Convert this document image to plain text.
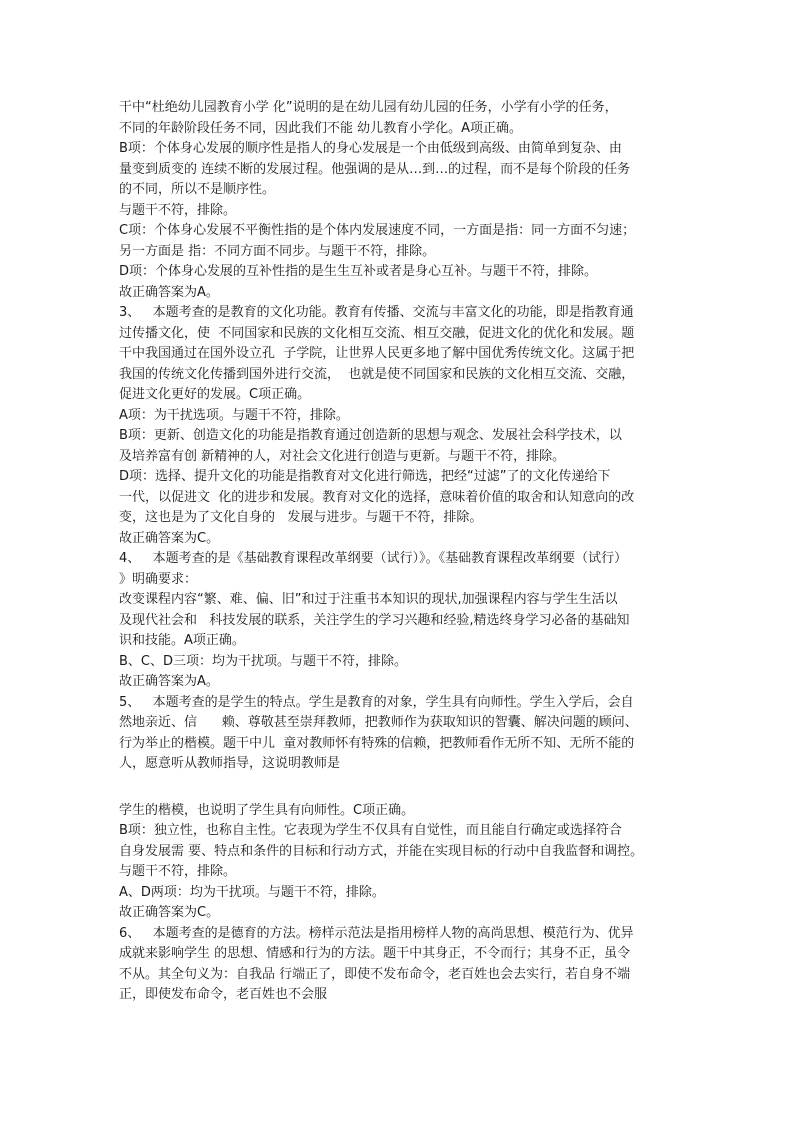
干中“杜绝幼儿园教育小学 化”说明的是在幼儿园有幼儿园的任务，小学有小学的任务，
不同的年龄阶段任务不同，因此我们不能 幼儿教育小学化。A项正确。
B项：个体身心发展的顺序性是指人的身心发展是一个由低级到高级、由简单到复杂、由
量变到质变的 连续不断的发展过程。他强调的是从…到…的过程，而不是每个阶段的任务
的不同，所以不是顺序性。
与题干不符，排除。
C项：个体身心发展不平衡性指的是个体内发展速度不同，一方面是指：同一方面不匀速；
另一方面是 指：不同方面不同步。与题干不符，排除。
D项：个体身心发展的互补性指的是生生互补或者是身心互补。与题干不符，排除。
故正确答案为A。
3、   本题考查的是教育的文化功能。教育有传播、交流与丰富文化的功能，即是指教育通
过传播文化，使  不同国家和民族的文化相互交流、相互交融，促进文化的优化和发展。题
干中我国通过在国外设立孔  子学院，让世界人民更多地了解中国优秀传统文化。这属于把
我国的传统文化传播到国外进行交流，  也就是使不同国家和民族的文化相互交流、交融，
促进文化更好的发展。C项正确。
A项：为干扰选项。与题干不符，排除。
B项：更新、创造文化的功能是指教育通过创造新的思想与观念、发展社会科学技术，以
及培养富有创 新精神的人，对社会文化进行创造与更新。与题干不符，排除。
D项：选择、提升文化的功能是指教育对文化进行筛选，把经“过滤”了的文化传递给下
一代，以促进文  化的进步和发展。教育对文化的选择，意味着价值的取舍和认知意向的改
变，这也是为了文化自身的   发展与进步。与题干不符，排除。
故正确答案为C。
4、   本题考查的是《基础教育课程改革纲要（试行）》。《基础教育课程改革纲要（试行）
》明确要求：
改变课程内容“繁、难、偏、旧”和过于注重书本知识的现状,加强课程内容与学生生活以
及现代社会和   科技发展的联系，关注学生的学习兴趣和经验,精选终身学习必备的基础知
识和技能。A项正确。
B、C、D三项：均为干扰项。与题干不符，排除。
故正确答案为A。
5、   本题考查的是学生的特点。学生是教育的对象，学生具有向师性。学生入学后，会自
然地亲近、信      赖、尊敬甚至崇拜教师，把教师作为获取知识的智囊、解决问题的顾问、
行为举止的楷模。题干中儿  童对教师怀有特殊的信赖，把教师看作无所不知、无所不能的
人，愿意听从教师指导，这说明教师是
学生的楷模，也说明了学生具有向师性。C项正确。
B项：独立性，也称自主性。它表现为学生不仅具有自觉性，而且能自行确定或选择符合
自身发展需 要、特点和条件的目标和行动方式，并能在实现目标的行动中自我监督和调控。
与题干不符，排除。
A、D两项：均为干扰项。与题干不符，排除。
故正确答案为C。
6、   本题考查的是德育的方法。榜样示范法是指用榜样人物的高尚思想、模范行为、优异
成就来影响学生 的思想、情感和行为的方法。题干中其身正，不令而行；其身不正，虽令
不从。其全句义为：自我品 行端正了，即使不发布命令，老百姓也会去实行，若自身不端
正，即使发布命令，老百姓也不会服
